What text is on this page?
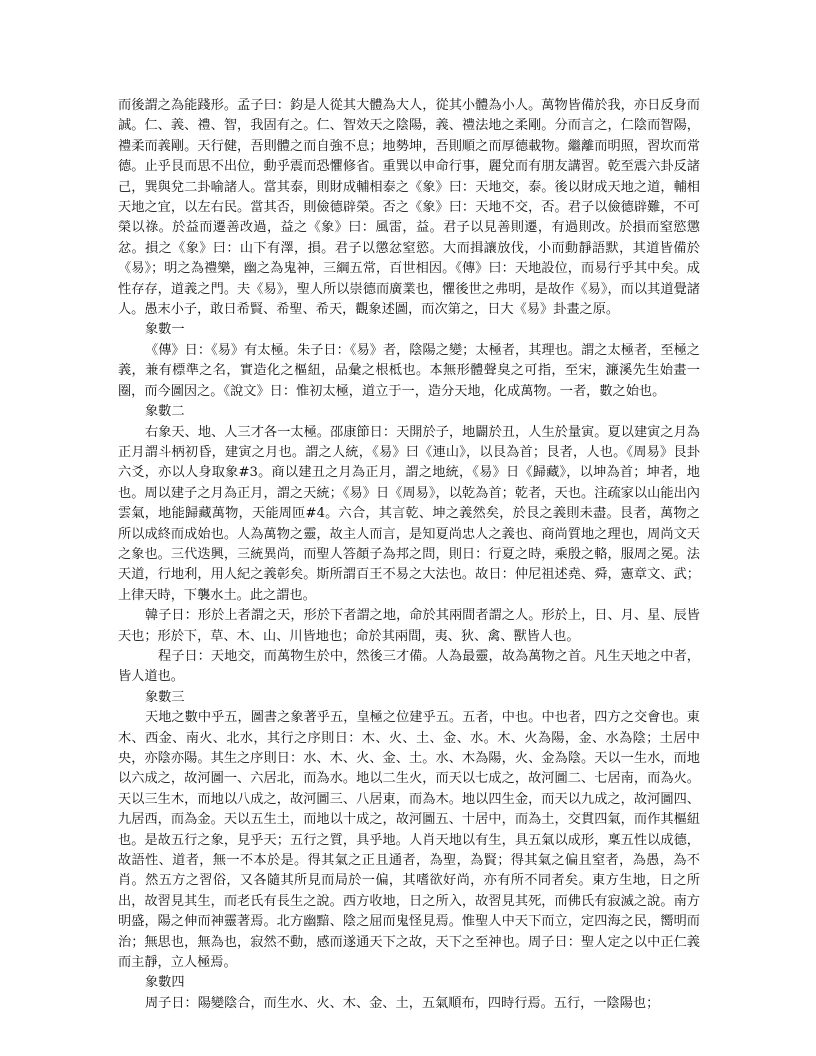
而後謂之為能踐形。孟子曰：鈞是人從其大體為大人，從其小體為小人。萬物皆備於我，亦日反身而誠。仁、義、禮、智，我固有之。仁、智效天之陰陽，義、禮法地之柔剛。分而言之，仁陰而智陽，禮柔而義剛。天行健，吾則體之而自強不息；地勢坤，吾則順之而厚德載物。繼離而明照，習坎而常德。止乎艮而思不出位，動乎震而恐懼修省。重巽以申命行事，麗兌而有朋友講習。乾至震六卦反諸己，巽與兌二卦喻諸人。當其泰，則財成輔相泰之《象》曰：天地交，泰。後以財成天地之道，輔相天地之宜，以左右民。當其否，則儉德辟榮。否之《象》曰：天地不交，否。君子以儉德辟難，不可榮以祿。於益而遷善改過，益之《象》曰：風雷，益。君子以見善則遷，有過則改。於損而窒慾懲忿。損之《象》曰：山下有澤，損。君子以懲忿窒慾。大而揖讓放伐，小而動靜語默，其道皆備於《易》；明之為禮樂，幽之為鬼神，三綱五常，百世相因。《傳》曰：天地設位，而易行乎其中矣。成性存存，道義之門。夫《易》，聖人所以崇德而廣業也，懼後世之弗明，是故作《易》，而以其道覺諸人。愚末小子，敢日希賢、希聖、希天，觀象述圖，而次第之，日大《易》卦畫之原。

象數一

《傳》日：《易》有太極。朱子日：《易》者，陰陽之變；太極者，其理也。謂之太極者，至極之義，兼有標準之名，實造化之樞紐，品彙之根柢也。本無形體聲臭之可指，至宋，濂溪先生始畫一圈，而今圖因之。《說文》日：惟初太極，道立于一，造分天地，化成萬物。一者，數之始也。

象數二

右象天、地、人三才各一太極。邵康節日：天開於子，地闢於丑，人生於量寅。夏以建寅之月為正月謂斗柄初昏，建寅之月也。謂之人統，《易》曰《連山》，以艮為首；艮者，人也。《周易》艮卦六爻，亦以人身取象#3。商以建丑之月為正月，謂之地統，《易》日《歸藏》，以坤為首；坤者，地也。周以建子之月為正月，謂之天統；《易》日《周易》，以乾為首；乾者，天也。注疏家以山能出內雲氣，地能歸藏萬物，天能周匝#4。六合，其言乾、坤之義然矣，於艮之義則未盡。艮者，萬物之所以成終而成始也。人為萬物之靈，故主人而言，是知夏尚忠人之義也、商尚質地之理也，周尚文天之象也。三代迭興，三統異尚，而聖人答顏子為邦之問，則日：行夏之時，乘殷之輅，服周之冕。法天道，行地利，用人紀之義彰矣。斯所謂百王不易之大法也。故日：仲尼祖述堯、舜，憲章文、武；上律天時，下襲水土。此之謂也。

韓子日：形於上者謂之天，形於下者謂之地，命於其兩間者謂之人。形於上，日、月、星、辰皆天也；形於下，草、木、山、川皆地也；命於其兩間，夷、狄、禽、獸皆人也。

程子日：天地交，而萬物生於中，然後三才備。人為最靈，故為萬物之首。凡生天地之中者，皆人道也。

象數三

天地之數中乎五，圖書之象著乎五，皇極之位建乎五。五者，中也。中也者，四方之交會也。東木、西金、南火、北水，其行之序則日：木、火、土、金、水。木、火為陽，金、水為陰；土居中央，亦陰亦陽。其生之序則日：水、木、火、金、土。水、木為陽，火、金為陰。天以一生水，而地以六成之，故河圖一、六居北，而為水。地以二生火，而天以七成之，故河圖二、七居南，而為火。天以三生木，而地以八成之，故河圖三、八居東，而為木。地以四生金，而天以九成之，故河圖四、九居西，而為金。天以五生土，而地以十成之，故河圖五、十居中，而為土，交貫四氣，而作其樞紐也。是故五行之象，見乎天；五行之質，具乎地。人肖天地以有生，具五氣以成形，稟五性以成德，故語性、道者，無一不本於是。得其氣之正且通者，為聖，為賢；得其氣之偏且窒者，為愚，為不肖。然五方之習俗，又各隨其所見而局於一偏，其嗜欲好尚，亦有所不同者矣。東方生地，日之所出，故習見其生，而老氏有長生之說。西方收地，日之所入，故習見其死，而佛氏有寂滅之說。南方明盛，陽之伸而神靈著焉。北方幽黯、陰之屈而鬼怪見焉。惟聖人中天下而立，定四海之民，嚮明而治；無思也，無為也，寂然不動，感而遂通天下之故，天下之至神也。周子日：聖人定之以中正仁義而主靜，立人極焉。

象數四

周子日：陽變陰合，而生水、火、木、金、土，五氣順布，四時行焉。五行，一陰陽也；
